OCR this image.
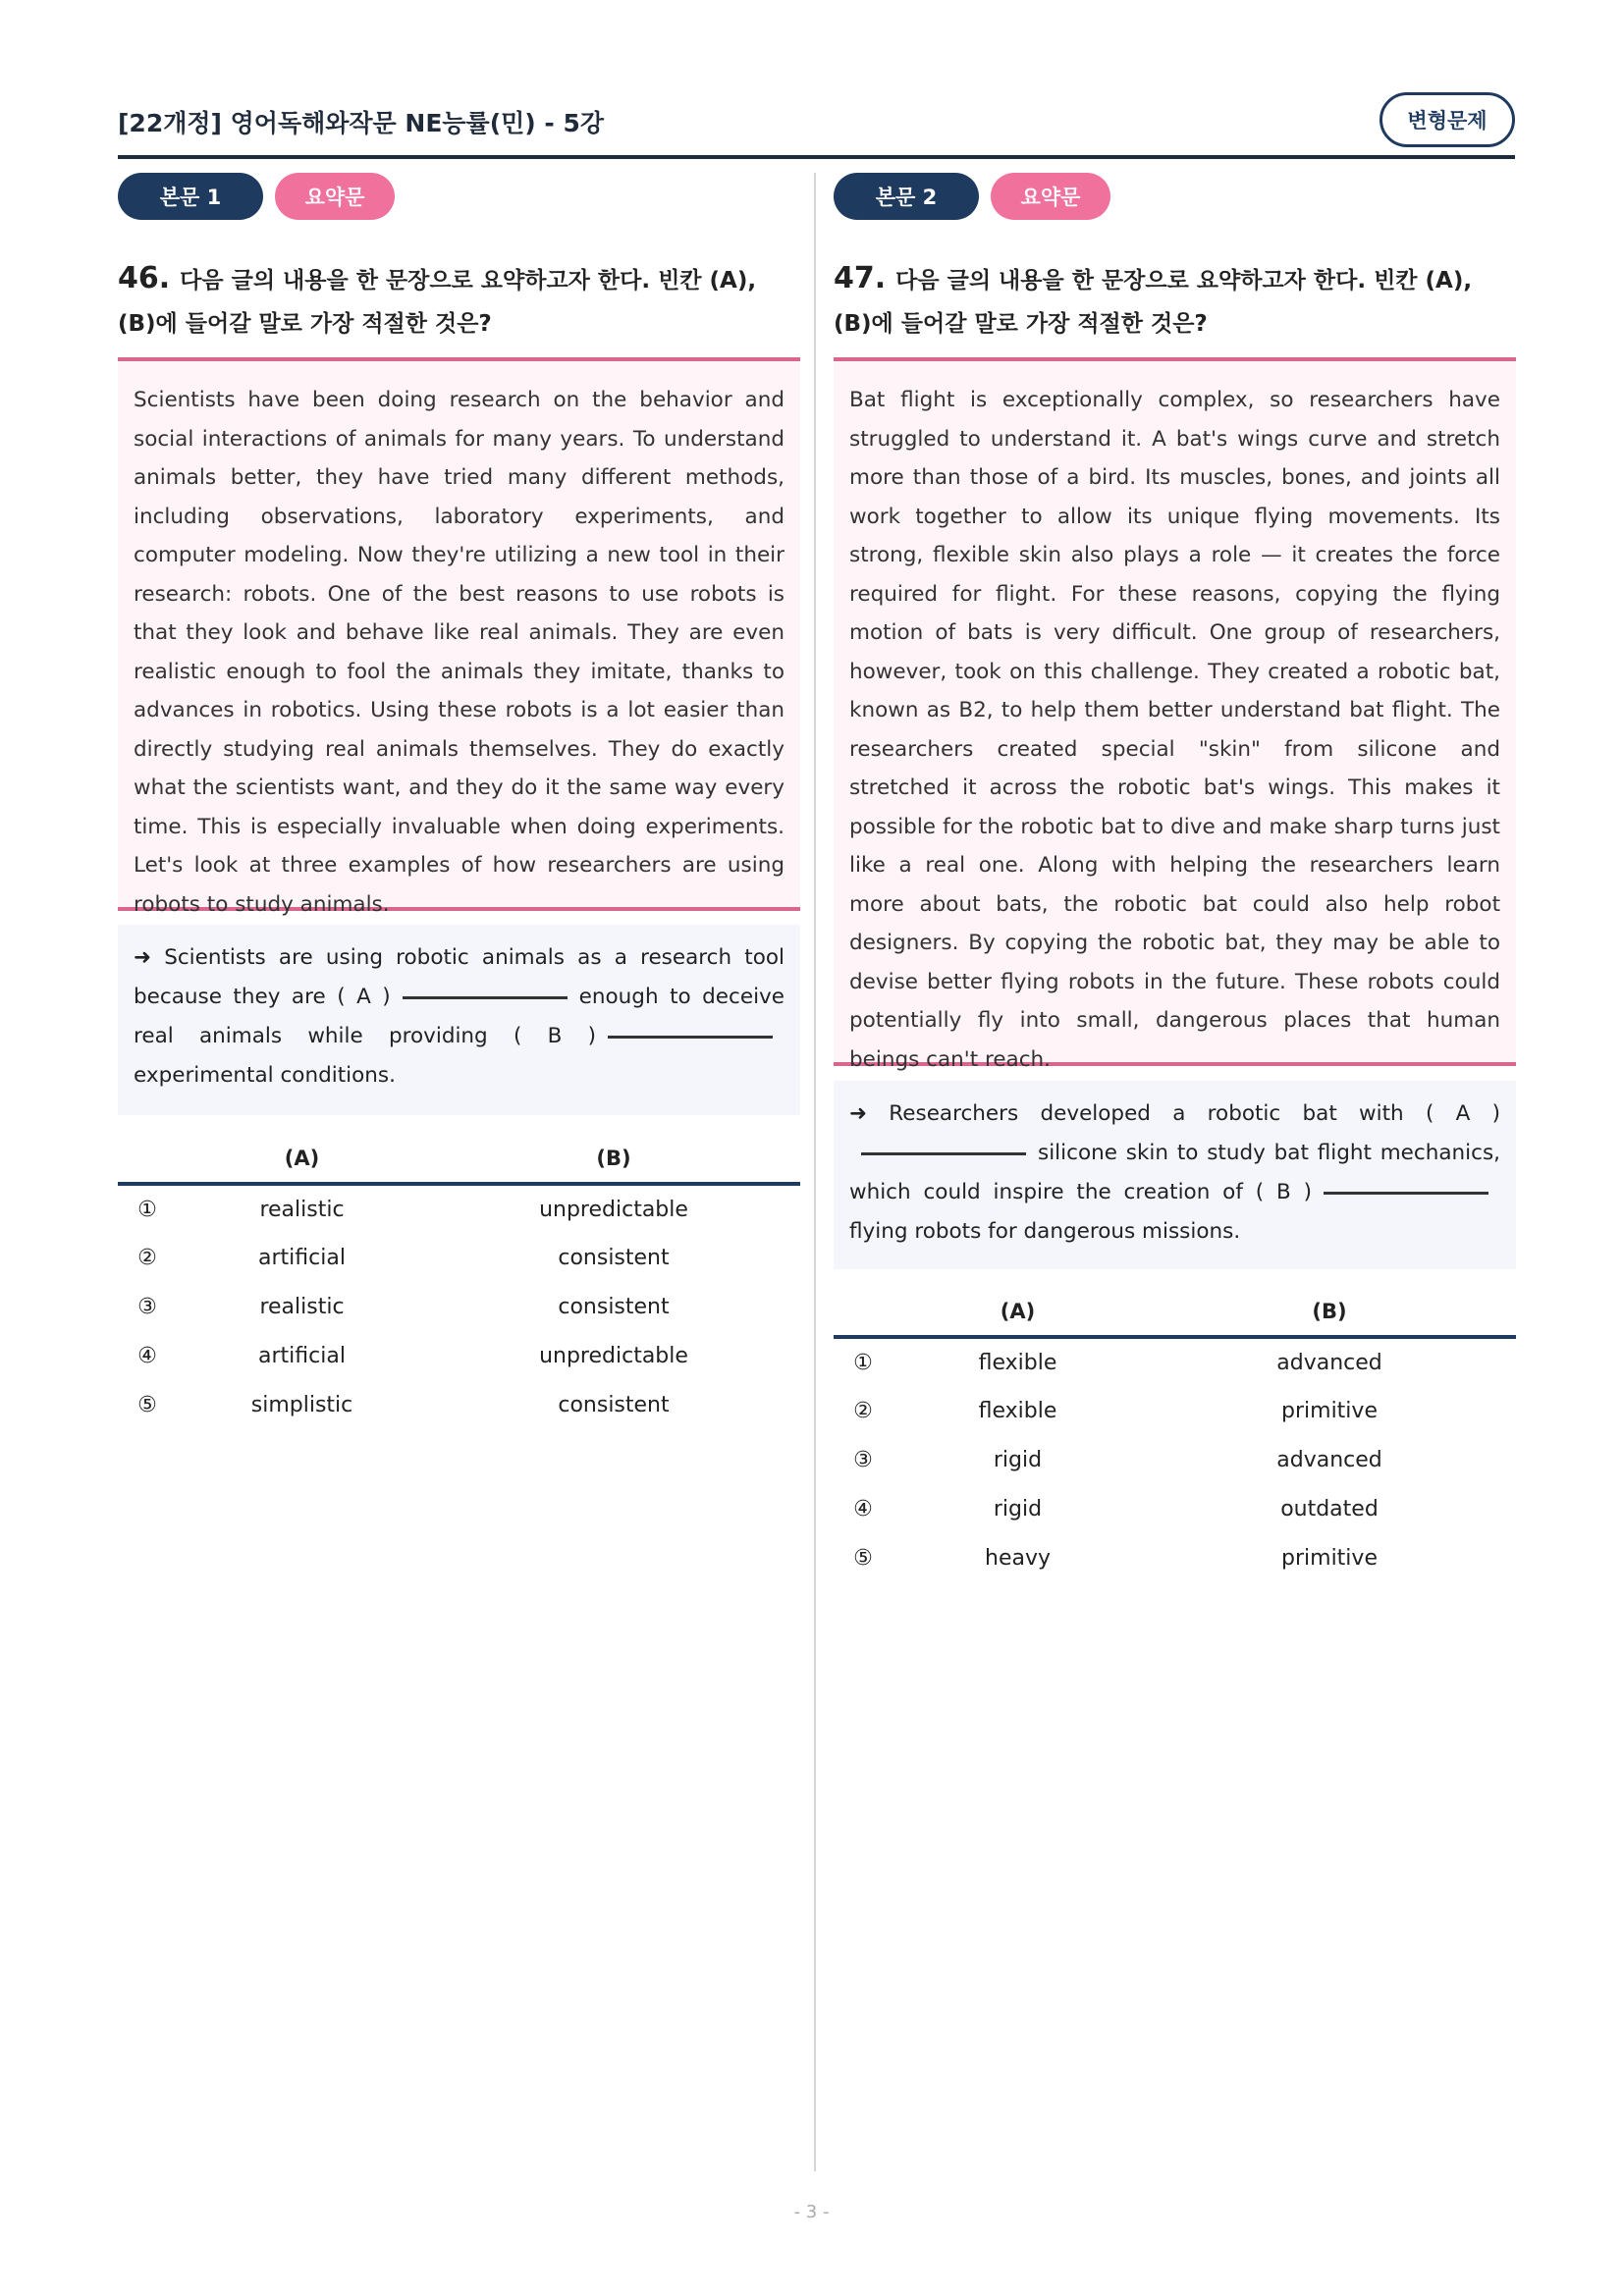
[22개정] 영어독해와작문 NE능률(민) - 5강	변형문제
본문 1	요약문
46. 다음 글의 내용을 한 문장으로 요약하고자 한다. 빈칸 (A), (B)에 들어갈 말로 가장 적절한 것은?
Scientists have been doing research on the behavior and social interactions of animals for many years. To understand animals better, they have tried many different methods, including observations, laboratory experiments, and computer modeling. Now they're utilizing a new tool in their research: robots. One of the best reasons to use robots is that they look and behave like real animals. They are even realistic enough to fool the animals they imitate, thanks to advances in robotics. Using these robots is a lot easier than directly studying real animals themselves. They do exactly what the scientists want, and they do it the same way every time. This is especially invaluable when doing experiments. Let's look at three examples of how researchers are using robots to study animals.
➜ Scientists are using robotic animals as a research tool because they are ( A )	enough to deceive real animals while providing ( B )experimental conditions.
	(A)	(B)
①	realistic	unpredictable
②	artificial	consistent
③	realistic	consistent
④	artificial	unpredictable
⑤	simplistic	consistent
본문 2	요약문
47. 다음 글의 내용을 한 문장으로 요약하고자 한다. 빈칸 (A), (B)에 들어갈 말로 가장 적절한 것은?
Bat flight is exceptionally complex, so researchers have struggled to understand it. A bat's wings curve and stretch more than those of a bird. Its muscles, bones, and joints all work together to allow its unique flying movements. Its strong, flexible skin also plays a role — it creates the force required for flight. For these reasons, copying the flying motion of bats is very difficult. One group of researchers, however, took on this challenge. They created a robotic bat, known as B2, to help them better understand bat flight. The researchers created special "skin" from silicone and stretched it across the robotic bat's wings. This makes it possible for the robotic bat to dive and make sharp turns just like a real one. Along with helping the researchers learn more about bats, the robotic bat could also help robot designers. By copying the robotic bat, they may be able to devise better flying robots in the future. These robots could potentially fly into small, dangerous places that human beings can't reach.
➜ Researchers developed a robotic bat with ( A )silicone skin to study bat flight mechanics, which could inspire the creation of ( B )flying robots for dangerous missions.
	(A)	(B)
①	flexible	advanced
②	flexible	primitive
③	rigid	advanced
④	rigid	outdated
⑤	heavy	primitive
- 3 -
